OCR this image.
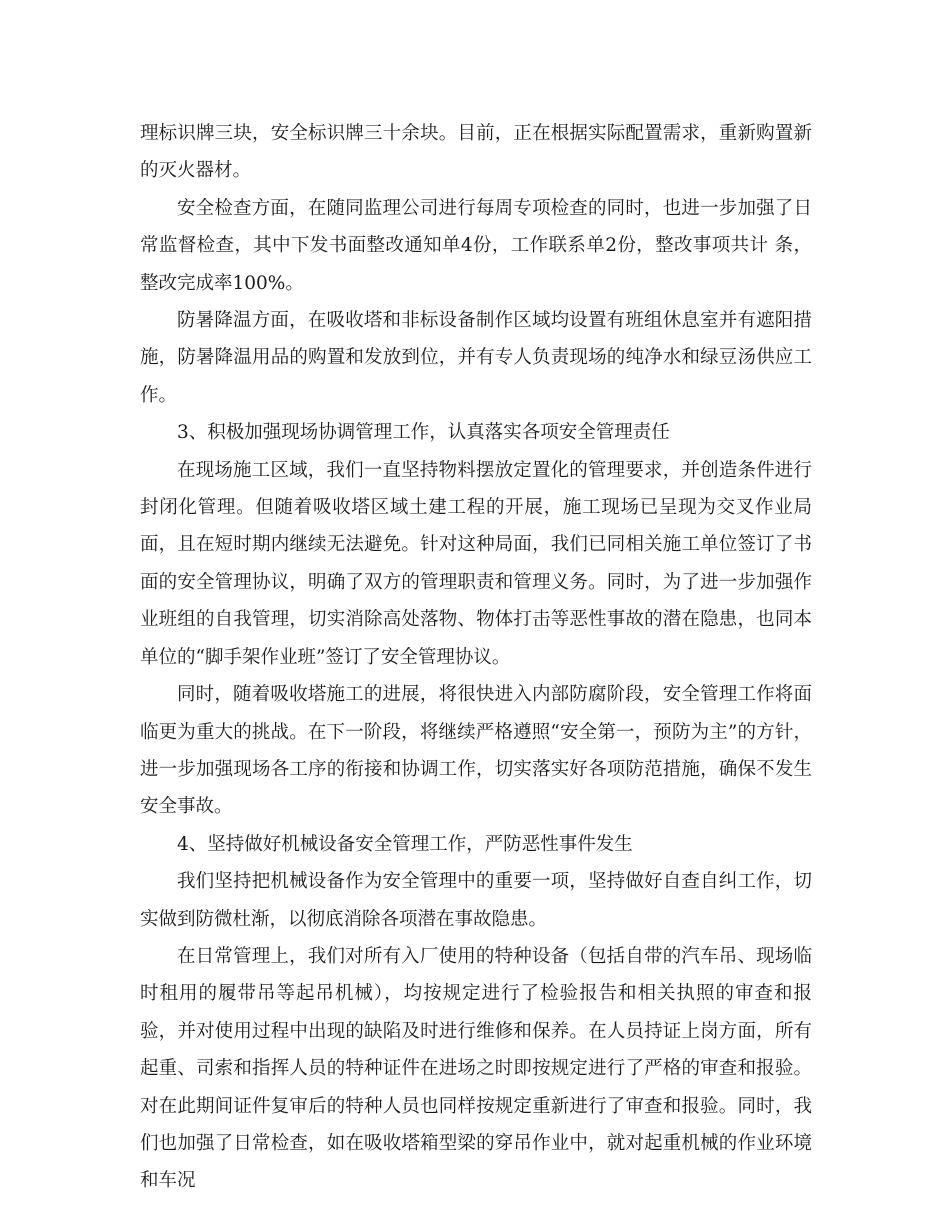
理标识牌三块，安全标识牌三十余块。目前，正在根据实际配置需求，重新购置新的灭火器材。

安全检查方面，在随同监理公司进行每周专项检查的同时，也进一步加强了日常监督检查，其中下发书面整改通知单4份，工作联系单2份，整改事项共计 条，整改完成率100%。

防暑降温方面，在吸收塔和非标设备制作区域均设置有班组休息室并有遮阳措施，防暑降温用品的购置和发放到位，并有专人负责现场的纯净水和绿豆汤供应工作。

3、积极加强现场协调管理工作，认真落实各项安全管理责任

在现场施工区域，我们一直坚持物料摆放定置化的管理要求，并创造条件进行封闭化管理。但随着吸收塔区域土建工程的开展，施工现场已呈现为交叉作业局面，且在短时期内继续无法避免。针对这种局面，我们已同相关施工单位签订了书面的安全管理协议，明确了双方的管理职责和管理义务。同时，为了进一步加强作业班组的自我管理，切实消除高处落物、物体打击等恶性事故的潜在隐患，也同本单位的“脚手架作业班”签订了安全管理协议。

同时，随着吸收塔施工的进展，将很快进入内部防腐阶段，安全管理工作将面临更为重大的挑战。在下一阶段，将继续严格遵照“安全第一，预防为主”的方针，进一步加强现场各工序的衔接和协调工作，切实落实好各项防范措施，确保不发生安全事故。

4、坚持做好机械设备安全管理工作，严防恶性事件发生

我们坚持把机械设备作为安全管理中的重要一项，坚持做好自查自纠工作，切实做到防微杜渐，以彻底消除各项潜在事故隐患。

在日常管理上，我们对所有入厂使用的特种设备（包括自带的汽车吊、现场临时租用的履带吊等起吊机械），均按规定进行了检验报告和相关执照的审查和报验，并对使用过程中出现的缺陷及时进行维修和保养。在人员持证上岗方面，所有起重、司索和指挥人员的特种证件在进场之时即按规定进行了严格的审查和报验。对在此期间证件复审后的特种人员也同样按规定重新进行了审查和报验。同时，我们也加强了日常检查，如在吸收塔箱型梁的穿吊作业中，就对起重机械的作业环境和车况
